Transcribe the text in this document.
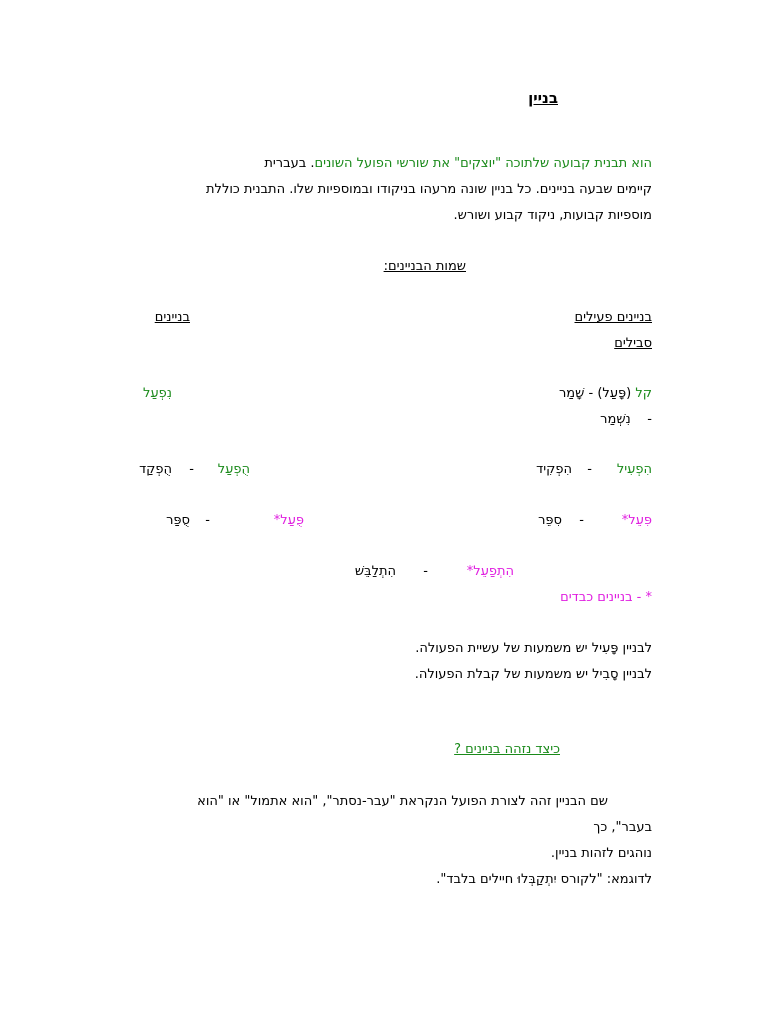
בניין
הוא תבנית קבועה שלתוכה "יוצקים" את שורשי הפועל השונים. בעברית
קיימים שבעה בניינים. כל בניין שונה מרעהו בניקודו ובמוספיות שלו. התבנית כוללת
מוספיות קבועות, ניקוד קבוע ושורש.
שמות הבניינים:
בניינים פעילים
בניינים
סבילים
קל (פָּעַל) - שָׁמַר
נִפְעַל
-    נִשְׁמַר
הִפְעִיל
-
הִפְקִיד
הֻפְעַל
-
הֻפְקַד
פִּעֵל*
-
סִפֵּר
פֻּעַל*
-
סֻפַּר
הִתְפַעֵל*
-
הִתְלַבֵּשׁ
* - בניינים כבדים
לבניין פָּעִיל יש משמעות של עשיית הפעולה.
לבניין סָבִיל יש משמעות של קבלת הפעולה.
כיצד נזהה בניינים ?
שם הבניין זהה לצורת הפועל הנקראת "עבר-נסתר", "הוא אתמול" או "הוא
בעבר", כך
נוהגים לזהות בניין.
לדוגמא: "לקורס יִתְקַבְּלוּ חיילים בלבד".
